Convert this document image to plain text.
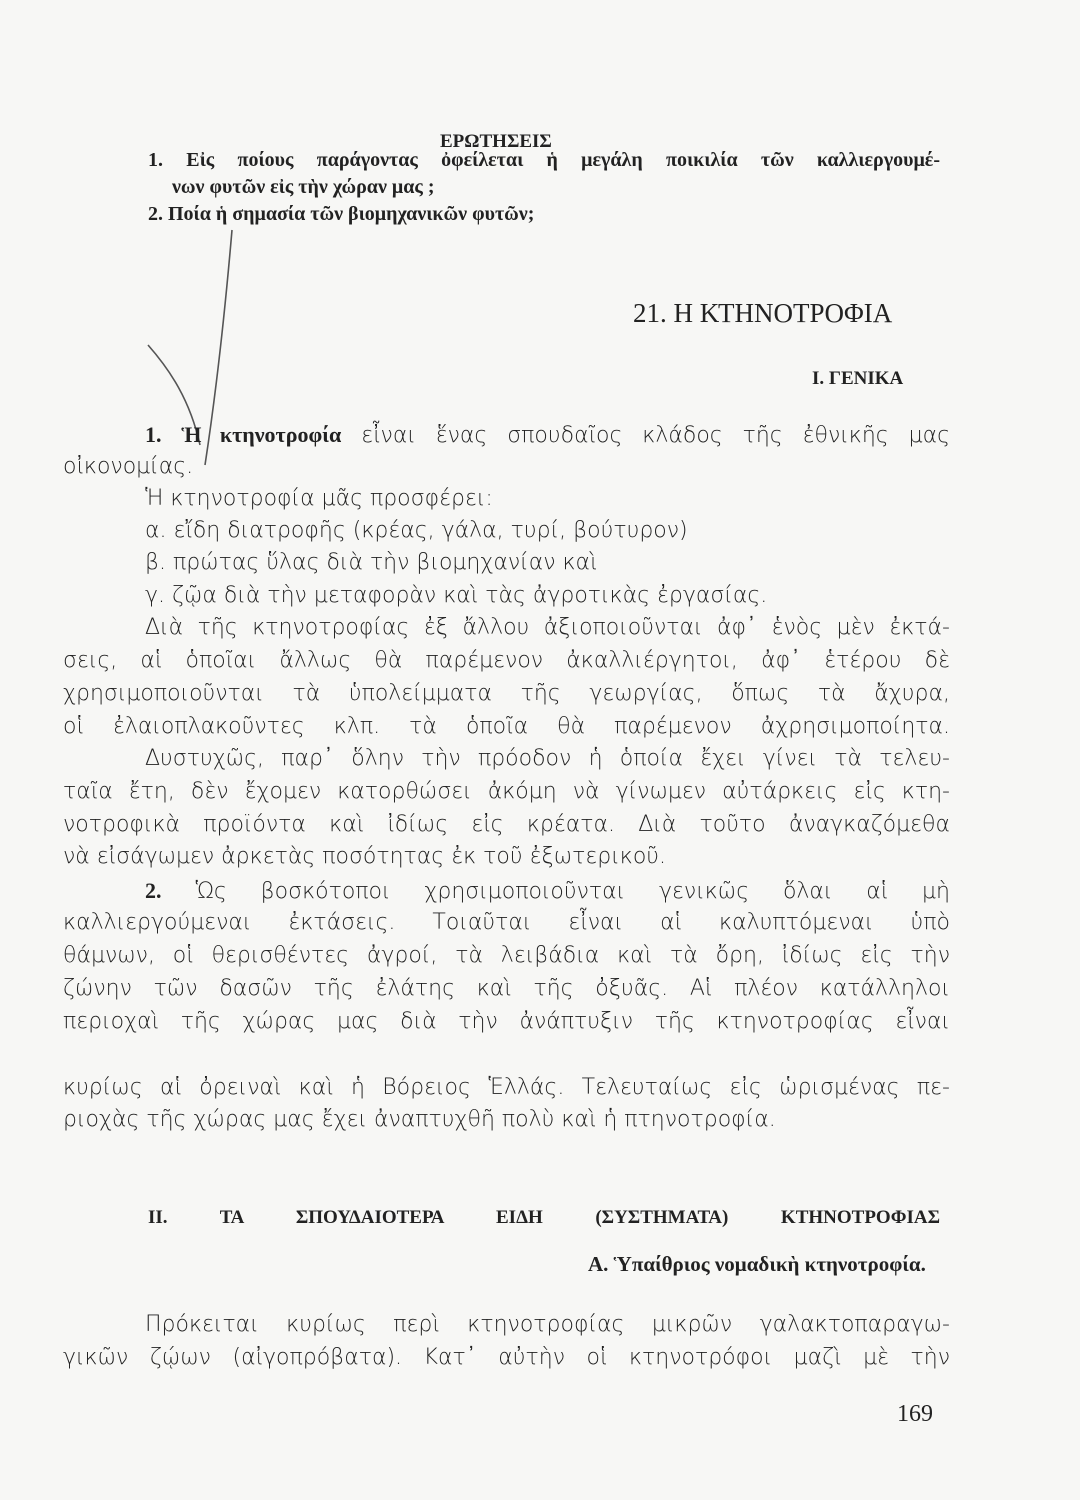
ΕΡΩΤΗΣΕΙΣ
1. Εἰς ποίους παράγοντας ὀφείλεται ἡ μεγάλη ποικιλία τῶν καλλιεργουμέ-
νων φυτῶν εἰς τὴν χώραν μας ;
2. Ποία ἡ σημασία τῶν βιομηχανικῶν φυτῶν;
21. Η ΚΤΗΝΟΤΡΟΦΙΑ
Ι. ΓΕΝΙΚΑ
1. Ἡ κτηνοτροφία εἶναι ἕνας σπουδαῖος κλάδος τῆς ἐθνικῆς μας
οἰκονομίας.
Ἡ κτηνοτροφία μᾶς προσφέρει:
α. εἴδη διατροφῆς (κρέας, γάλα, τυρί, βούτυρον)
β. πρώτας ὕλας διὰ τὴν βιομηχανίαν καὶ
γ. ζῷα διὰ τὴν μεταφορὰν καὶ τὰς ἀγροτικὰς ἐργασίας.
Διὰ τῆς κτηνοτροφίας ἐξ ἄλλου ἀξιοποιοῦνται ἀφ᾽ ἑνὸς μὲν ἐκτά-
σεις, αἱ ὁποῖαι ἄλλως θὰ παρέμενον ἀκαλλιέργητοι, ἀφ᾽ ἑτέρου δὲ
χρησιμοποιοῦνται τὰ ὑπολείμματα τῆς γεωργίας, ὅπως τὰ ἄχυρα,
οἱ ἐλαιοπλακοῦντες κλπ. τὰ ὁποῖα θὰ παρέμενον ἀχρησιμοποίητα.
Δυστυχῶς, παρ᾽ ὅλην τὴν πρόοδον ἡ ὁποία ἔχει γίνει τὰ τελευ-
ταῖα ἔτη, δὲν ἔχομεν κατορθώσει ἀκόμη νὰ γίνωμεν αὐτάρκεις εἰς κτη-
νοτροφικὰ προϊόντα καὶ ἰδίως εἰς κρέατα. Διὰ τοῦτο ἀναγκαζόμεθα
νὰ εἰσάγωμεν ἀρκετὰς ποσότητας ἐκ τοῦ ἐξωτερικοῦ.
2. Ὡς βοσκότοποι χρησιμοποιοῦνται γενικῶς ὅλαι αἱ μὴ
καλλιεργούμεναι ἐκτάσεις. Τοιαῦται εἶναι αἱ καλυπτόμεναι ὑπὸ
θάμνων, οἱ θερισθέντες ἀγροί, τὰ λειβάδια καὶ τὰ ὄρη, ἰδίως εἰς τὴν
ζώνην τῶν δασῶν τῆς ἐλάτης καὶ τῆς ὀξυᾶς. Αἱ πλέον κατάλληλοι
περιοχαὶ τῆς χώρας μας διὰ τὴν ἀνάπτυξιν τῆς κτηνοτροφίας εἶναι
κυρίως αἱ ὀρειναὶ καὶ ἡ Βόρειος Ἑλλάς. Τελευταίως εἰς ὡρισμένας πε-
ριοχὰς τῆς χώρας μας ἔχει ἀναπτυχθῆ πολὺ καὶ ἡ πτηνοτροφία.
ΙΙ. ΤΑ ΣΠΟΥΔΑΙΟΤΕΡΑ ΕΙΔΗ (ΣΥΣΤΗΜΑΤΑ) ΚΤΗΝΟΤΡΟΦΙΑΣ
Α. Ὑπαίθριος νομαδικὴ κτηνοτροφία.
Πρόκειται κυρίως περὶ κτηνοτροφίας μικρῶν γαλακτοπαραγω-
γικῶν ζῴων (αἰγοπρόβατα). Κατ᾽ αὐτὴν οἱ κτηνοτρόφοι μαζὶ μὲ τὴν
169
